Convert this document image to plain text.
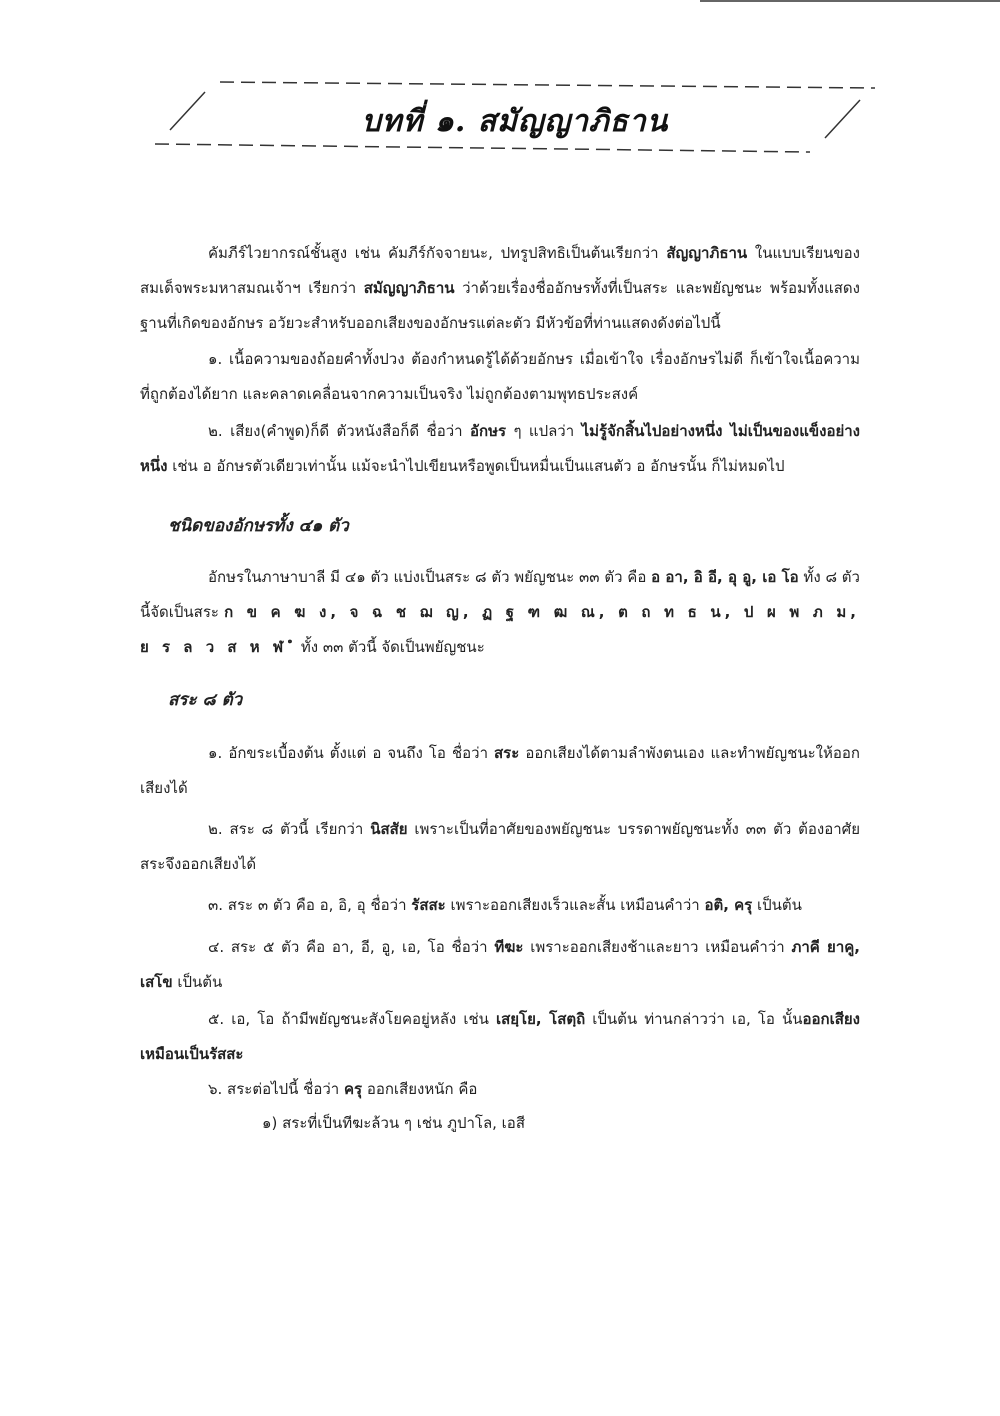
บทที่ ๑. สมัญญาภิธาน

คัมภีร์ไวยากรณ์ชั้นสูง เช่น คัมภีร์กัจจายนะ, ปทรูปสิทธิเป็นต้นเรียกว่า สัญญาภิธาน ในแบบเรียนของสมเด็จพระมหาสมณเจ้าฯ เรียกว่า สมัญญาภิธาน ว่าด้วยเรื่องชื่ออักษรทั้งที่เป็นสระ และพยัญชนะ พร้อมทั้งแสดงฐานที่เกิดของอักษร อวัยวะสำหรับออกเสียงของอักษรแต่ละตัว มีหัวข้อที่ท่านแสดงดังต่อไปนี้

๑. เนื้อความของถ้อยคำทั้งปวง ต้องกำหนดรู้ได้ด้วยอักษร เมื่อเข้าใจ เรื่องอักษรไม่ดี ก็เข้าใจเนื้อความที่ถูกต้องได้ยาก และคลาดเคลื่อนจากความเป็นจริง ไม่ถูกต้องตามพุทธประสงค์

๒. เสียง(คำพูด)ก็ดี ตัวหนังสือก็ดี ชื่อว่า อักษร ๆ แปลว่า ไม่รู้จักสิ้นไปอย่างหนึ่ง ไม่เป็นของแข็งอย่างหนึ่ง เช่น อ อักษรตัวเดียวเท่านั้น แม้จะนำไปเขียนหรือพูดเป็นหมื่นเป็นแสนตัว อ อักษรนั้น ก็ไม่หมดไป

ชนิดของอักษรทั้ง ๔๑ ตัว

อักษรในภาษาบาลี มี ๔๑ ตัว แบ่งเป็นสระ ๘ ตัว พยัญชนะ ๓๓ ตัว คือ อ อา, อิ อี, อุ อู, เอ โอ ทั้ง ๘ ตัวนี้จัดเป็นสระ ก ข ค ฆ ง, จ ฉ ช ฌ ญ, ฏ ฐ ฑ ฒ ณ, ต ถ ท ธ น, ป ผ พ ภ ม, ย ร ล ว ส ห ฬ ํ ทั้ง ๓๓ ตัวนี้ จัดเป็นพยัญชนะ

สระ ๘ ตัว

๑. อักขระเบื้องต้น ตั้งแต่ อ จนถึง โอ ชื่อว่า สระ ออกเสียงได้ตามลำพังตนเอง และทำพยัญชนะให้ออกเสียงได้

๒. สระ ๘ ตัวนี้ เรียกว่า นิสสัย เพราะเป็นที่อาศัยของพยัญชนะ บรรดาพยัญชนะทั้ง ๓๓ ตัว ต้องอาศัยสระจึงออกเสียงได้

๓. สระ ๓ ตัว คือ อ, อิ, อุ ชื่อว่า รัสสะ เพราะออกเสียงเร็วและสั้น เหมือนคำว่า อติ, ครุ เป็นต้น

๔. สระ ๕ ตัว คือ อา, อี, อู, เอ, โอ ชื่อว่า ทีฆะ เพราะออกเสียงช้าและยาว เหมือนคำว่า ภาคี ยาคู, เสโข เป็นต้น

๕. เอ, โอ ถ้ามีพยัญชนะสังโยคอยู่หลัง เช่น เสยฺโย, โสตฺถิ เป็นต้น ท่านกล่าวว่า เอ, โอ นั้นออกเสียงเหมือนเป็นรัสสะ

๖. สระต่อไปนี้ ชื่อว่า ครุ ออกเสียงหนัก คือ

๑) สระที่เป็นทีฆะล้วน ๆ เช่น ภูปาโล, เอสี
